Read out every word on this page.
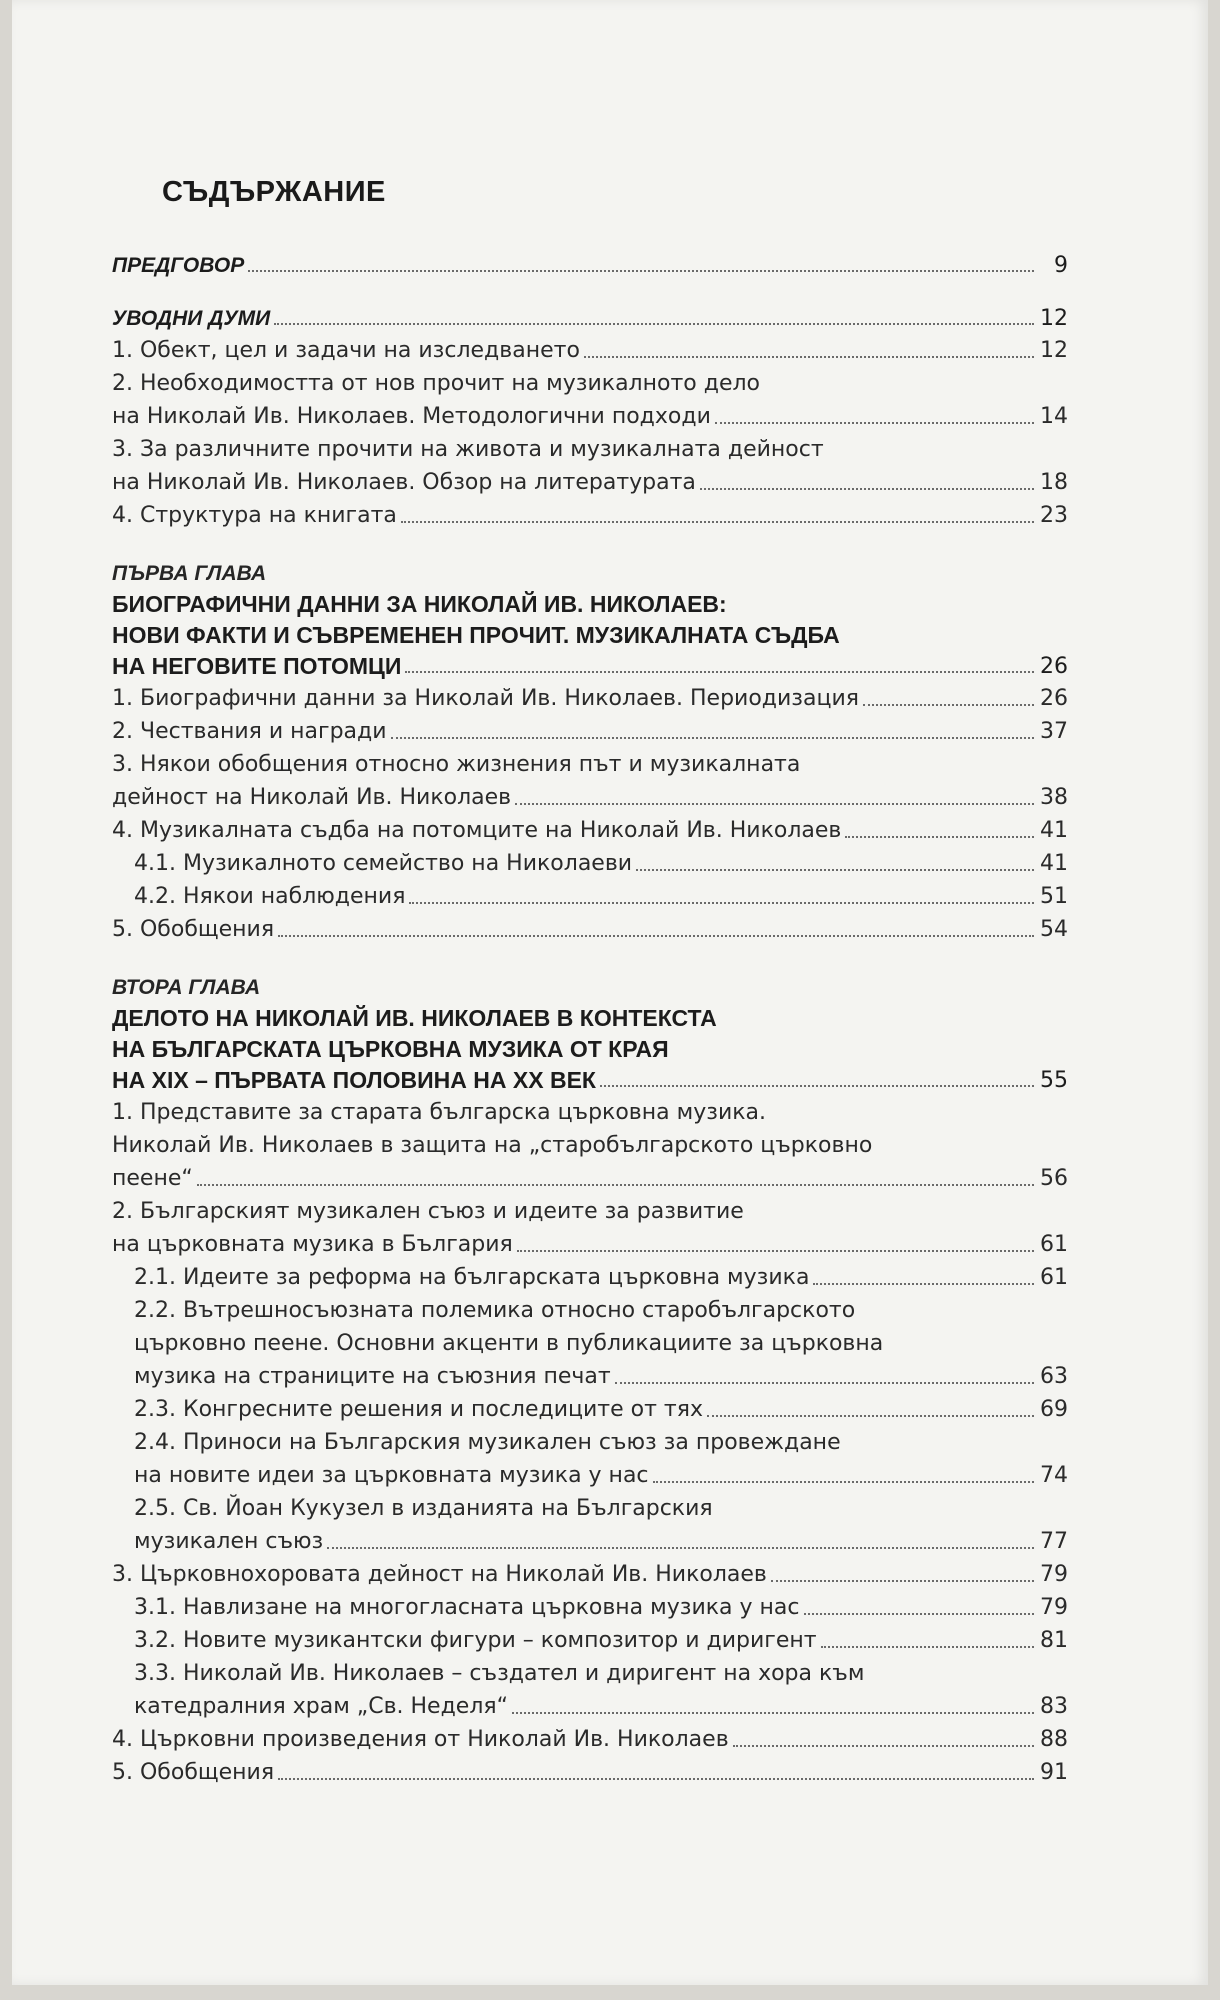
СЪДЪРЖАНИЕ
ПРЕДГОВОР	9
УВОДНИ ДУМИ	12
1. Обект, цел и задачи на изследването	12
2. Необходимостта от нов прочит на музикалното дело
на Николай Ив. Николаев. Методологични подходи	14
3. За различните прочити на живота и музикалната дейност
на Николай Ив. Николаев. Обзор на литературата	18
4. Структура на книгата	23
ПЪРВА ГЛАВА
БИОГРАФИЧНИ ДАННИ ЗА НИКОЛАЙ ИВ. НИКОЛАЕВ:
НОВИ ФАКТИ И СЪВРЕМЕНЕН ПРОЧИТ. МУЗИКАЛНАТА СЪДБА
НА НЕГОВИТЕ ПОТОМЦИ	26
1. Биографични данни за Николай Ив. Николаев. Периодизация	26
2. Чествания и награди	37
3. Някои обобщения относно жизнения път и музикалната
дейност на Николай Ив. Николаев	38
4. Музикалната съдба на потомците на Николай Ив. Николаев	41
4.1. Музикалното семейство на Николаеви	41
4.2. Някои наблюдения	51
5. Обобщения	54
ВТОРА ГЛАВА
ДЕЛОТО НА НИКОЛАЙ ИВ. НИКОЛАЕВ В КОНТЕКСТА
НА БЪЛГАРСКАТА ЦЪРКОВНА МУЗИКА ОТ КРАЯ
НА XIX – ПЪРВАТА ПОЛОВИНА НА XX ВЕК	55
1. Представите за старата българска църковна музика.
Николай Ив. Николаев в защита на „старобългарското църковно
пеене“	56
2. Българският музикален съюз и идеите за развитие
на църковната музика в България	61
2.1. Идеите за реформа на българската църковна музика	61
2.2. Вътрешносъюзната полемика относно старобългарското
църковно пеене. Основни акценти в публикациите за църковна
музика на страниците на съюзния печат	63
2.3. Конгресните решения и последиците от тях	69
2.4. Приноси на Българския музикален съюз за провеждане
на новите идеи за църковната музика у нас	74
2.5. Св. Йоан Кукузел в изданията на Българския
музикален съюз	77
3. Църковнохоровата дейност на Николай Ив. Николаев	79
3.1. Навлизане на многогласната църковна музика у нас	79
3.2. Новите музикантски фигури – композитор и диригент	81
3.3. Николай Ив. Николаев – създател и диригент на хора към
катедралния храм „Св. Неделя“	83
4. Църковни произведения от Николай Ив. Николаев	88
5. Обобщения	91
